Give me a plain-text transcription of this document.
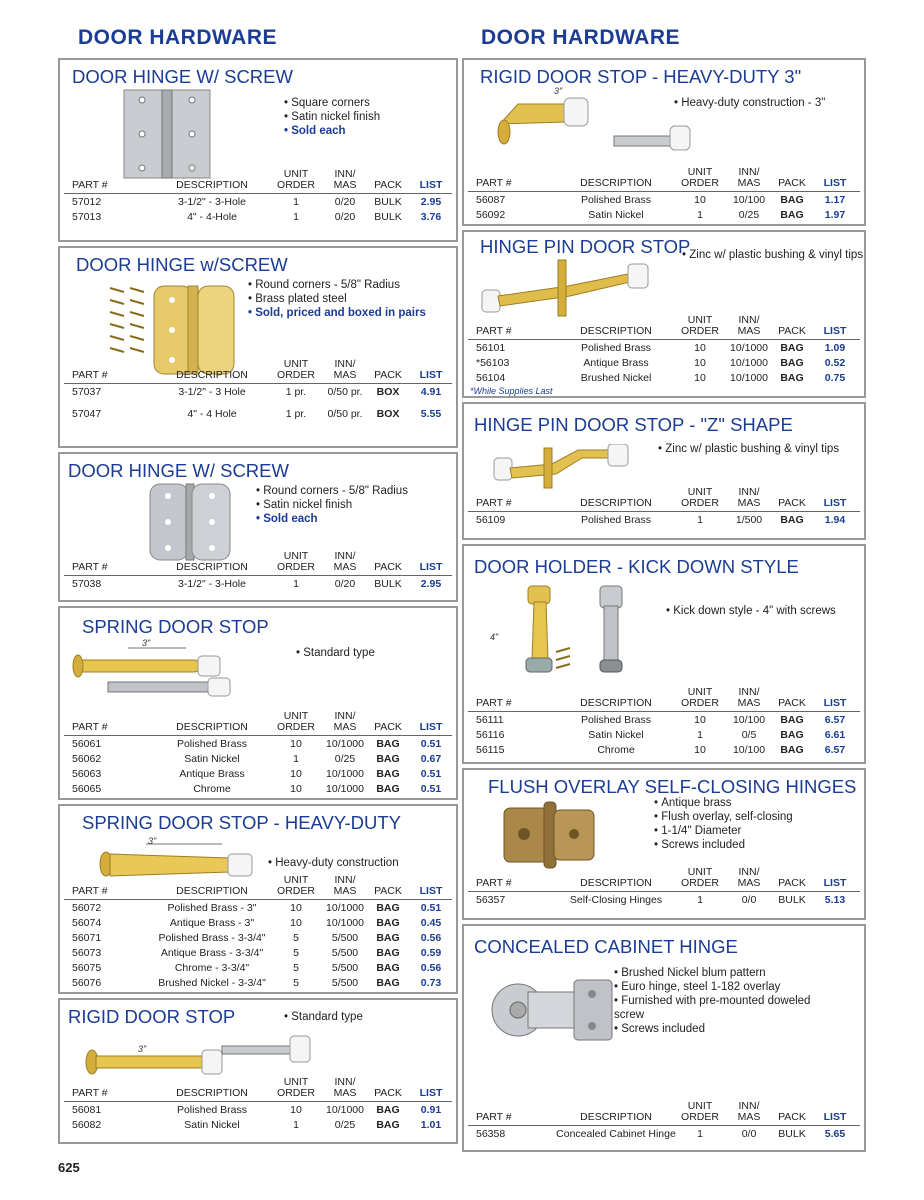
DOOR HARDWARE	DOOR HARDWARE
DOOR HINGE W/ SCREW
• Square corners
• Satin nickel finish
• Sold each
PART #	DESCRIPTION
UNIT
ORDER
INN/
MAS	PACK	LIST
57012	3-1/2" - 3-Hole	1	0/20	BULK	2.95
57013	4" - 4-Hole	1	0/20	BULK	3.76
DOOR HINGE w/SCREW
• Round corners - 5/8" Radius
• Brass plated steel
• Sold, priced and boxed in pairs
PART #	DESCRIPTION
UNIT
ORDER
INN/
MAS	PACK	LIST
57037	3-1/2" - 3 Hole	1 pr.	0/50 pr.	BOX	4.91
57047	4" - 4 Hole	1 pr.	0/50 pr.	BOX	5.55
DOOR HINGE W/ SCREW
• Round corners - 5/8" Radius
• Satin nickel finish
• Sold each
PART #	DESCRIPTION
UNIT
ORDER
INN/
MAS	PACK	LIST
57038	3-1/2" - 3-Hole	1	0/20	BULK	2.95
SPRING DOOR STOP
3"
• Standard type
PART #	DESCRIPTION
UNIT
ORDER
INN/
MAS	PACK	LIST
56061	Polished Brass	10	10/1000	BAG	0.51
56062	Satin Nickel	1	0/25	BAG	0.67
56063	Antique Brass	10	10/1000	BAG	0.51
56065	Chrome	10	10/1000	BAG	0.51
SPRING DOOR STOP - HEAVY-DUTY
3"
• Heavy-duty construction
PART #	DESCRIPTION
UNIT
ORDER
INN/
MAS	PACK	LIST
56072	Polished Brass - 3"	10	10/1000	BAG	0.51
56074	Antique Brass - 3"	10	10/1000	BAG	0.45
56071	Polished Brass - 3-3/4"	5	5/500	BAG	0.56
56073	Antique Brass - 3-3/4"	5	5/500	BAG	0.59
56075	Chrome - 3-3/4"	5	5/500	BAG	0.56
56076	Brushed Nickel - 3-3/4"	5	5/500	BAG	0.73
RIGID DOOR STOP
3"
• Standard type
PART #	DESCRIPTION
UNIT
ORDER
INN/
MAS	PACK	LIST
56081	Polished Brass	10	10/1000	BAG	0.91
56082	Satin Nickel	1	0/25	BAG	1.01
RIGID DOOR STOP - HEAVY-DUTY 3"
3"
• Heavy-duty construction - 3"
PART #	DESCRIPTION
UNIT
ORDER
INN/
MAS	PACK	LIST
56087	Polished Brass	10	10/100	BAG	1.17
56092	Satin Nickel	1	0/25	BAG	1.97
HINGE PIN DOOR STOP
• Zinc w/ plastic bushing & vinyl tips
PART #	DESCRIPTION
UNIT
ORDER
INN/
MAS	PACK	LIST
56101	Polished Brass	10	10/1000	BAG	1.09
*56103	Antique Brass	10	10/1000	BAG	0.52
56104	Brushed Nickel	10	10/1000	BAG	0.75
*While Supplies Last
HINGE PIN DOOR STOP - "Z" SHAPE
• Zinc w/ plastic bushing & vinyl tips
PART #	DESCRIPTION
UNIT
ORDER
INN/
MAS	PACK	LIST
56109	Polished Brass	1	1/500	BAG	1.94
DOOR HOLDER - KICK DOWN STYLE
4"
• Kick down style - 4" with screws
PART #	DESCRIPTION
UNIT
ORDER
INN/
MAS	PACK	LIST
56111	Polished Brass	10	10/100	BAG	6.57
56116	Satin Nickel	1	0/5	BAG	6.61
56115	Chrome	10	10/100	BAG	6.57
FLUSH OVERLAY SELF-CLOSING HINGES
• Antique brass
• Flush overlay, self-closing
• 1-1/4" Diameter
• Screws included
PART #	DESCRIPTION
UNIT
ORDER
INN/
MAS	PACK	LIST
56357	Self-Closing Hinges	1	0/0	BULK	5.13
CONCEALED CABINET HINGE
• Brushed Nickel blum pattern
• Euro hinge, steel 1-182 overlay
• Furnished with pre-mounted doweled screw
• Screws included
PART #	DESCRIPTION
UNIT
ORDER
INN/
MAS	PACK	LIST
56358	Concealed Cabinet Hinge	1	0/0	BULK	5.65
625
